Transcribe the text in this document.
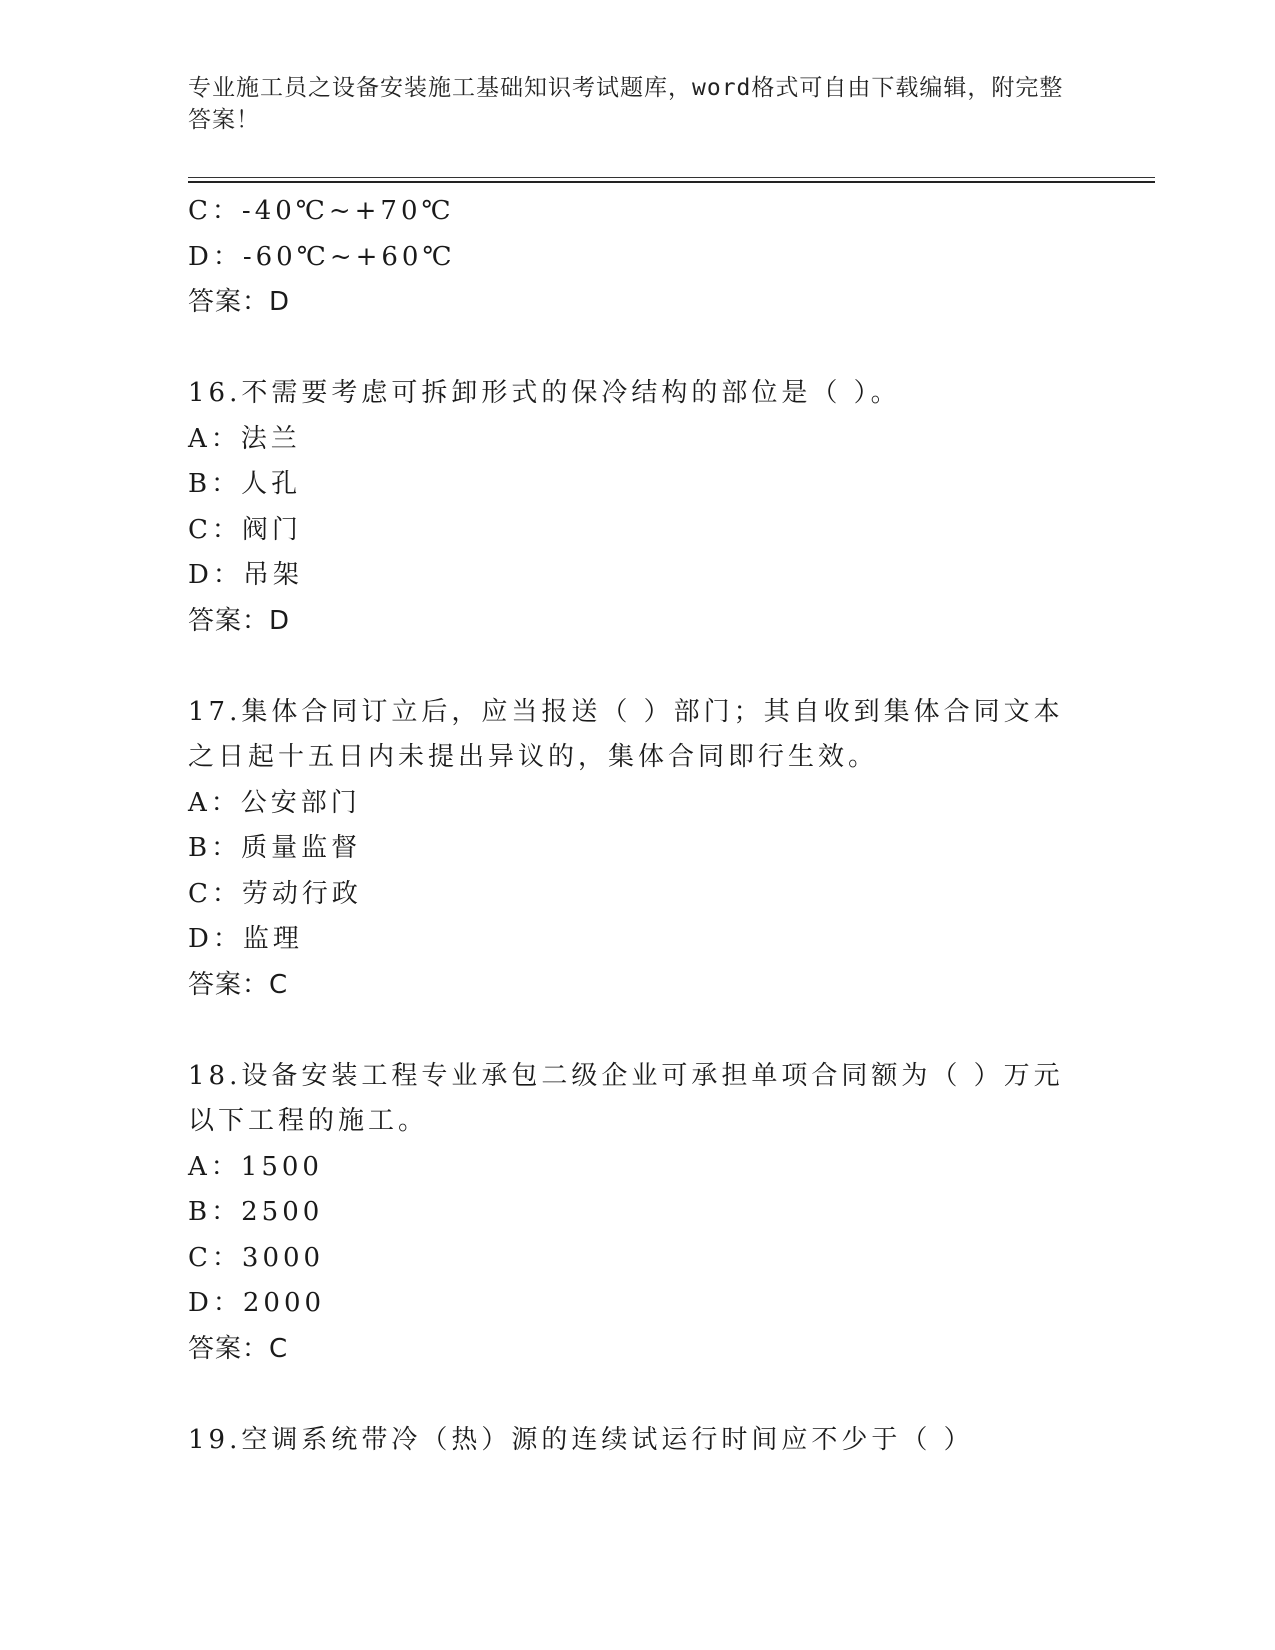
专业施工员之设备安装施工基础知识考试题库，word格式可自由下载编辑，附完整答案！
C：-40℃~+70℃
D：-60℃~+60℃
答案：D
16.不需要考虑可拆卸形式的保冷结构的部位是（ ）。
A：法兰
B：人孔
C：阀门
D：吊架
答案：D
17.集体合同订立后，应当报送（ ）部门；其自收到集体合同文本之日起十五日内未提出异议的，集体合同即行生效。
A：公安部门
B：质量监督
C：劳动行政
D：监理
答案：C
18.设备安装工程专业承包二级企业可承担单项合同额为（ ）万元以下工程的施工。
A：1500
B：2500
C：3000
D：2000
答案：C
19.空调系统带冷（热）源的连续试运行时间应不少于（ ）
